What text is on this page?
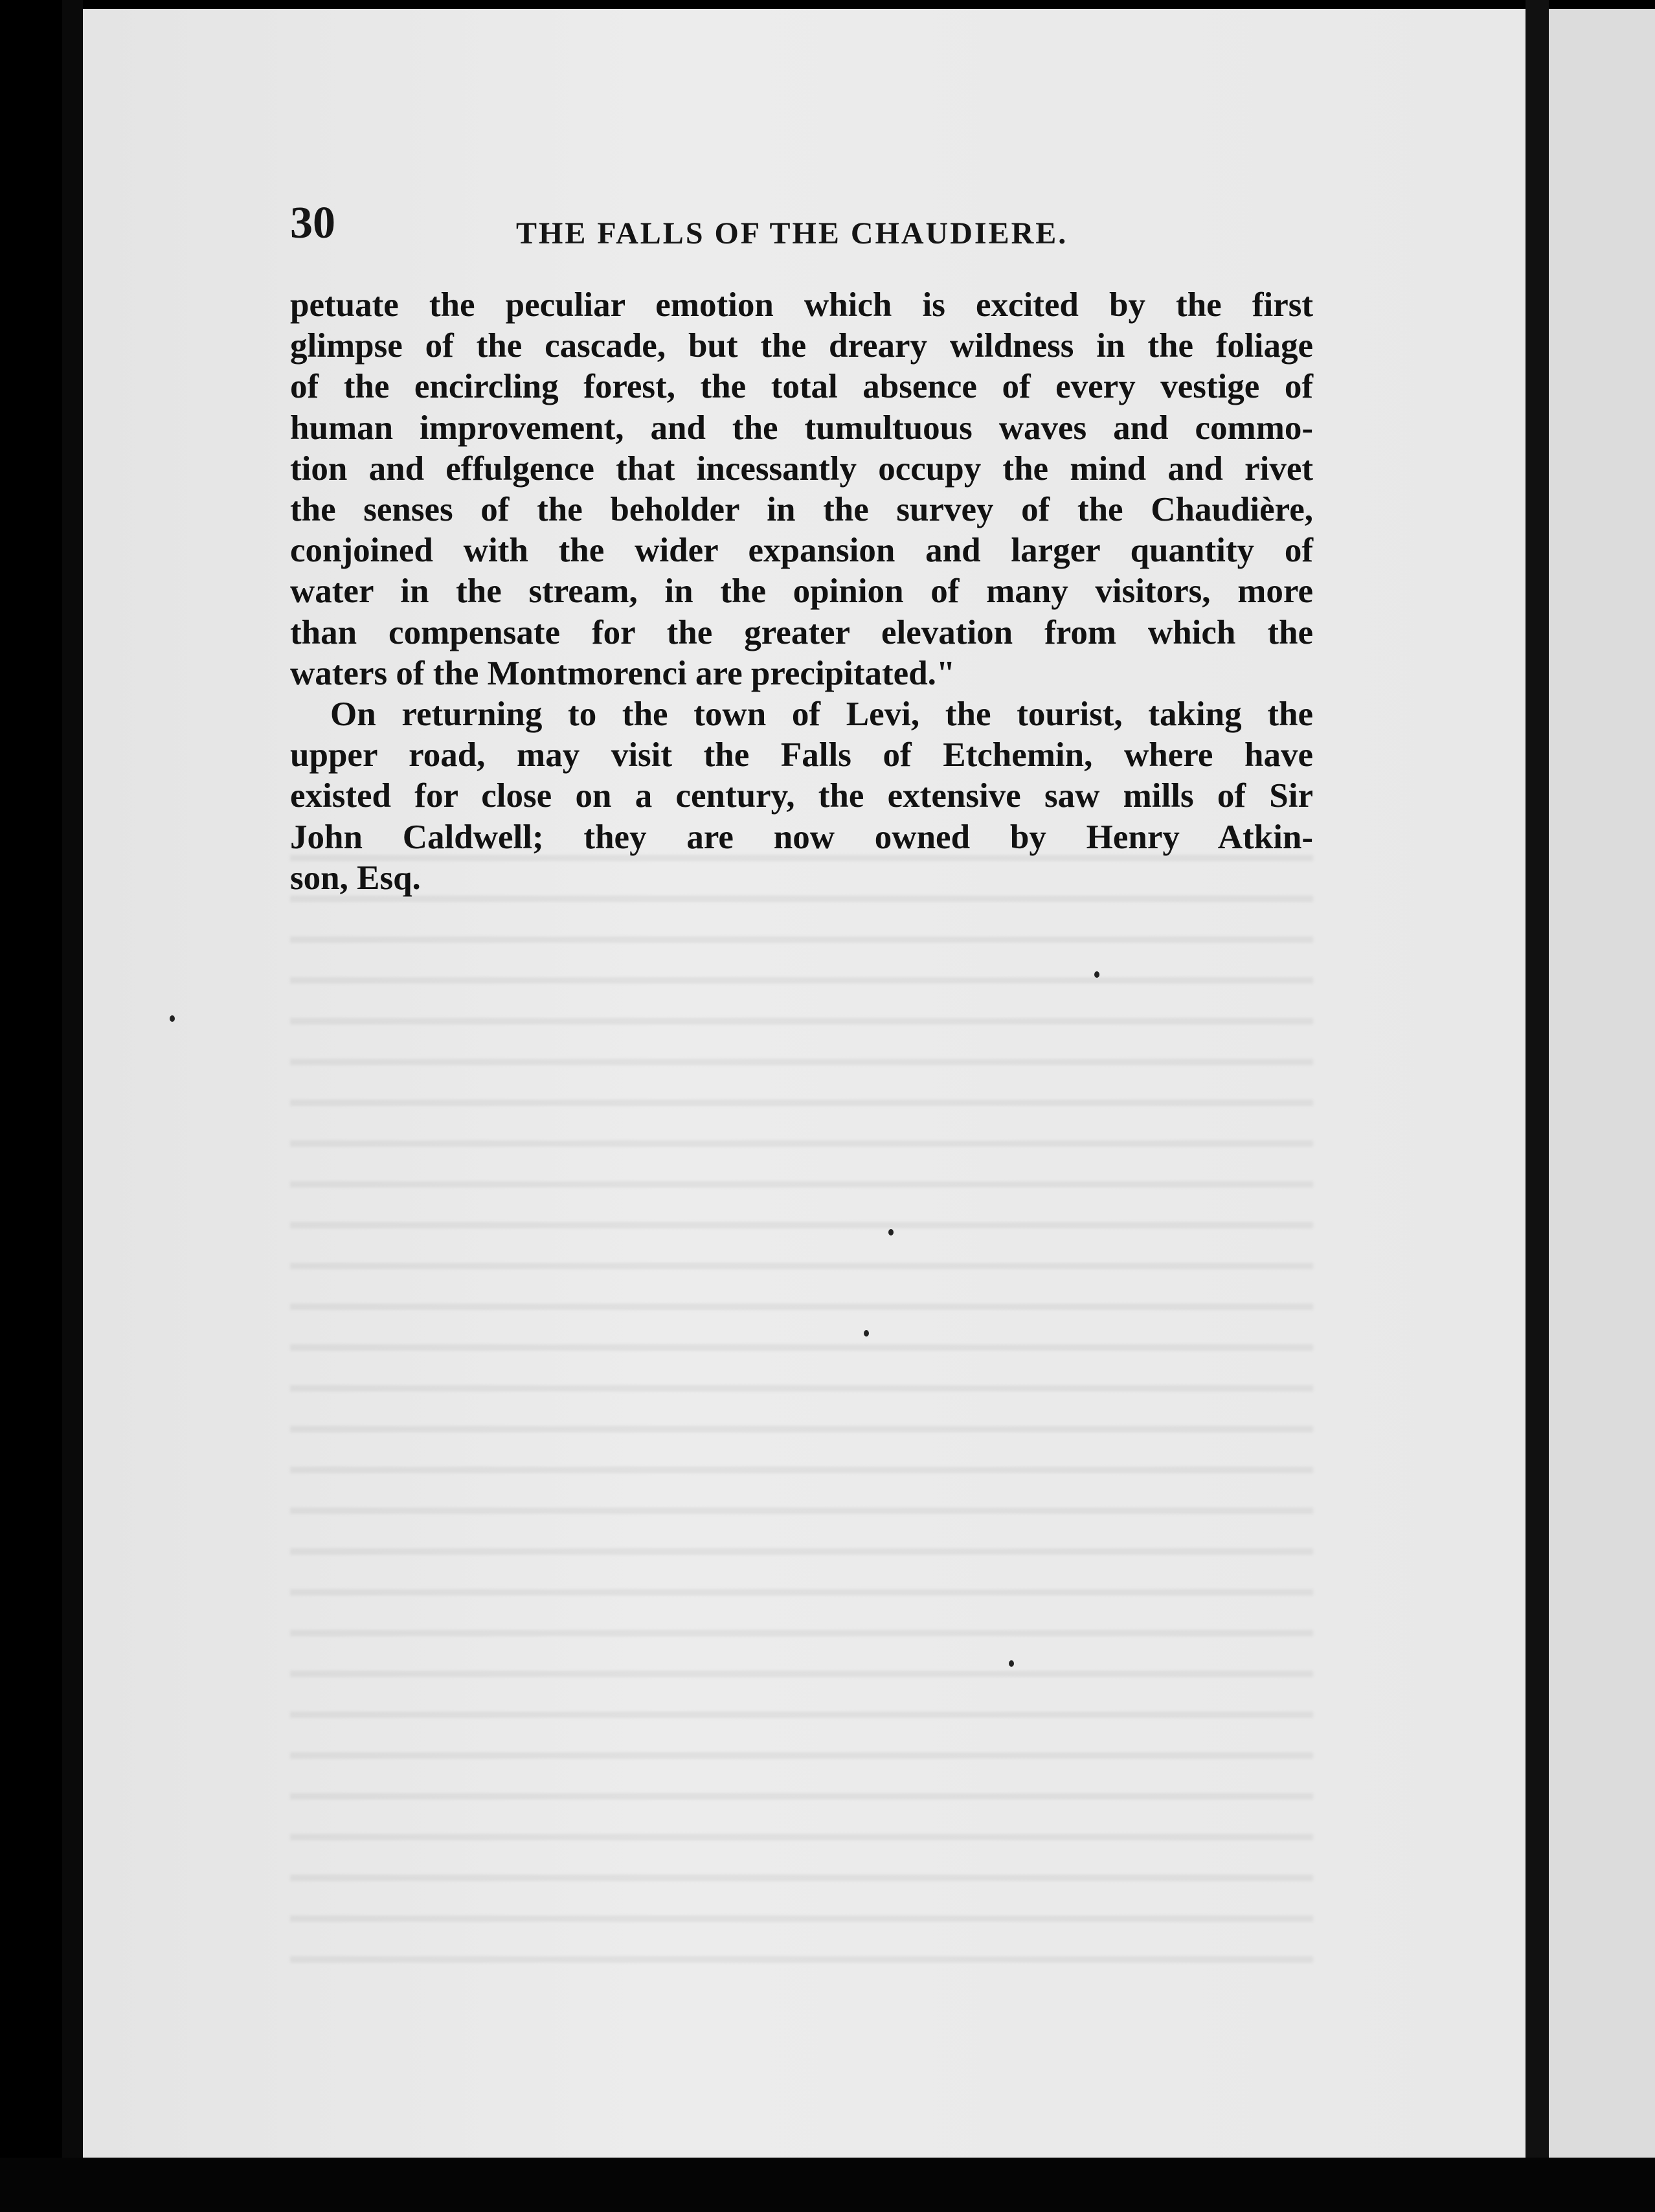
30	THE FALLS OF THE CHAUDIERE.
petuate the peculiar emotion which is excited by the first
glimpse of the cascade, but the dreary wildness in the foliage
of the encircling forest, the total absence of every vestige of
human improvement, and the tumultuous waves and commo-
tion and effulgence that incessantly occupy the mind and rivet
the senses of the beholder in the survey of the Chaudière,
conjoined with the wider expansion and larger quantity of
water in the stream, in the opinion of many visitors, more
than compensate for the greater elevation from which the
waters of the Montmorenci are precipitated."
On returning to the town of Levi, the tourist, taking the
upper road, may visit the Falls of Etchemin, where have
existed for close on a century, the extensive saw mills of Sir
John Caldwell; they are now owned by Henry Atkin-
son, Esq.
